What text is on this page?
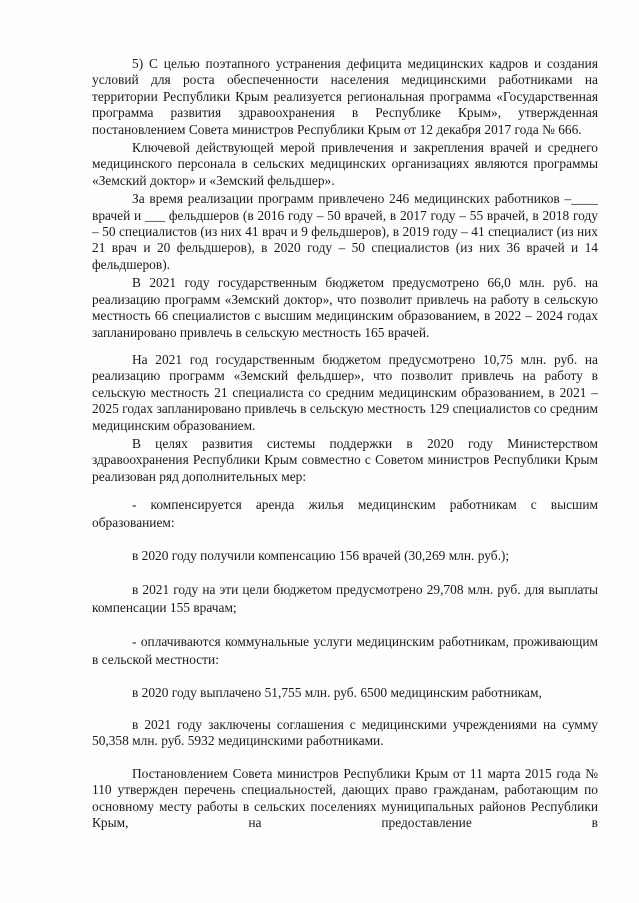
5) С целью поэтапного устранения дефицита медицинских кадров и создания условий для роста обеспеченности населения медицинскими работниками на территории Республики Крым реализуется региональная программа «Государственная программа развития здравоохранения в Республике Крым», утвержденная постановлением Совета министров Республики Крым от 12 декабря 2017 года № 666.

Ключевой действующей мерой привлечения и закрепления врачей и среднего медицинского персонала в сельских медицинских организациях являются программы «Земский доктор» и «Земский фельдшер».

За время реализации программ привлечено 246 медицинских работников –____ врачей и ___ фельдшеров (в 2016 году – 50 врачей, в 2017 году – 55 врачей, в 2018 году – 50 специалистов (из них 41 врач и 9 фельдшеров), в 2019 году – 41 специалист (из них 21 врач и 20 фельдшеров), в 2020 году – 50 специалистов (из них 36 врачей и 14 фельдшеров).

В 2021 году государственным бюджетом предусмотрено 66,0 млн. руб. на реализацию программ «Земский доктор», что позволит привлечь на работу в сельскую местность 66 специалистов с высшим медицинским образованием, в 2022 – 2024 годах запланировано привлечь в сельскую местность 165 врачей.

На 2021 год государственным бюджетом предусмотрено 10,75 млн. руб. на реализацию программ «Земский фельдшер», что позволит привлечь на работу в сельскую местность 21 специалиста со средним медицинским образованием, в 2021 – 2025 годах запланировано привлечь в сельскую местность 129 специалистов со средним медицинским образованием.

В целях развития системы поддержки в 2020 году Министерством здравоохранения Республики Крым совместно с Советом министров Республики Крым реализован ряд дополнительных мер:

- компенсируется аренда жилья медицинским работникам с высшим образованием:

в 2020 году получили компенсацию 156 врачей (30,269 млн. руб.);

в 2021 году на эти цели бюджетом предусмотрено 29,708 млн. руб. для выплаты компенсации 155 врачам;

- оплачиваются коммунальные услуги медицинским работникам, проживающим в сельской местности:

в 2020 году выплачено 51,755 млн. руб. 6500 медицинским работникам,

в 2021 году заключены соглашения с медицинскими учреждениями на сумму 50,358 млн. руб. 5932 медицинскими работниками.

Постановлением Совета министров Республики Крым от 11 марта 2015 года № 110 утвержден перечень специальностей, дающих право гражданам, работающим по основному месту работы в сельских поселениях муниципальных районов Республики Крым, на предоставление в
